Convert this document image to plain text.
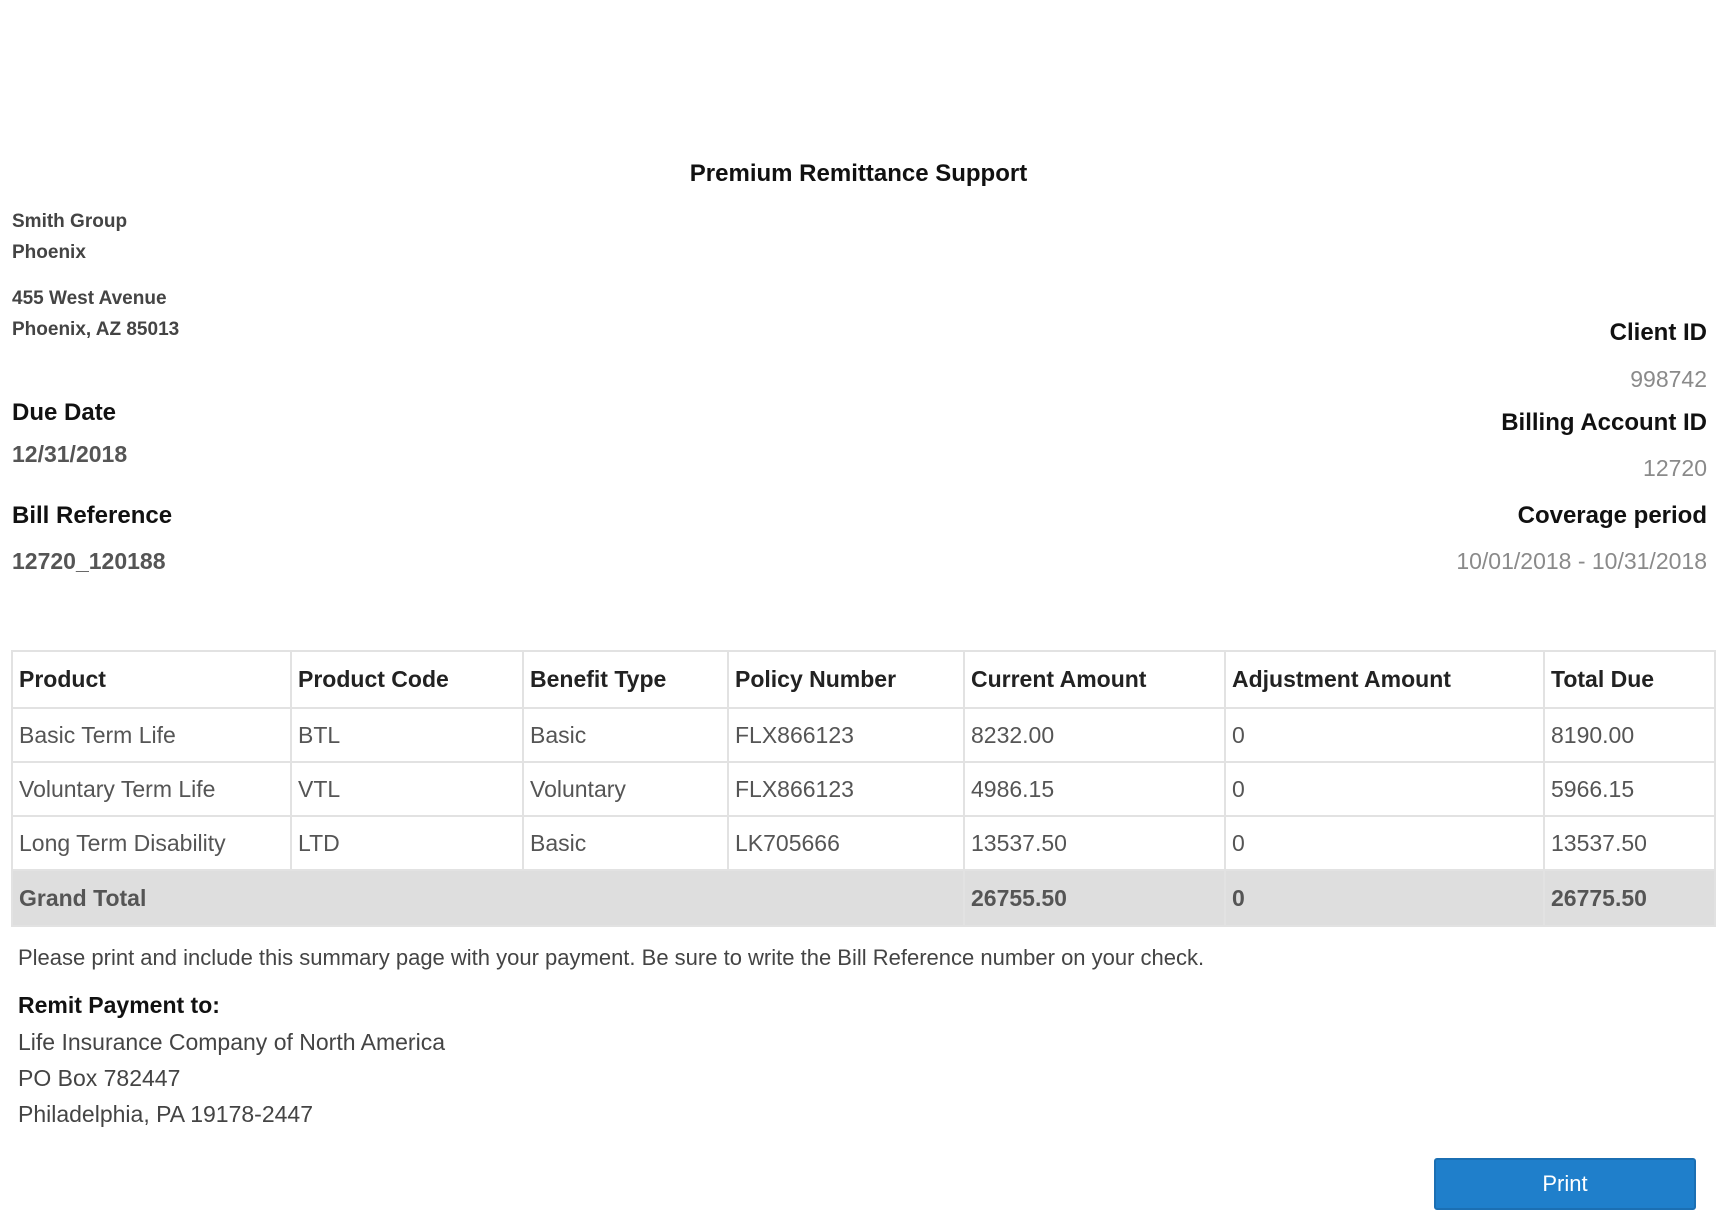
Premium Remittance Support
Smith Group
Phoenix
455 West Avenue
Phoenix, AZ 85013
Due Date
12/31/2018
Bill Reference
12720_120188
Client ID
998742
Billing Account ID
12720
Coverage period
10/01/2018 - 10/31/2018
Product	Product Code	Benefit Type	Policy Number	Current Amount	Adjustment Amount	Total Due
Basic Term Life	BTL	Basic	FLX866123	8232.00	0	8190.00
Voluntary Term Life	VTL	Voluntary	FLX866123	4986.15	0	5966.15
Long Term Disability	LTD	Basic	LK705666	13537.50	0	13537.50
Grand Total				26755.50	0	26775.50
Please print and include this summary page with your payment. Be sure to write the Bill Reference number on your check.
Remit Payment to:
Life Insurance Company of North America
PO Box 782447
Philadelphia, PA 19178-2447
Print
